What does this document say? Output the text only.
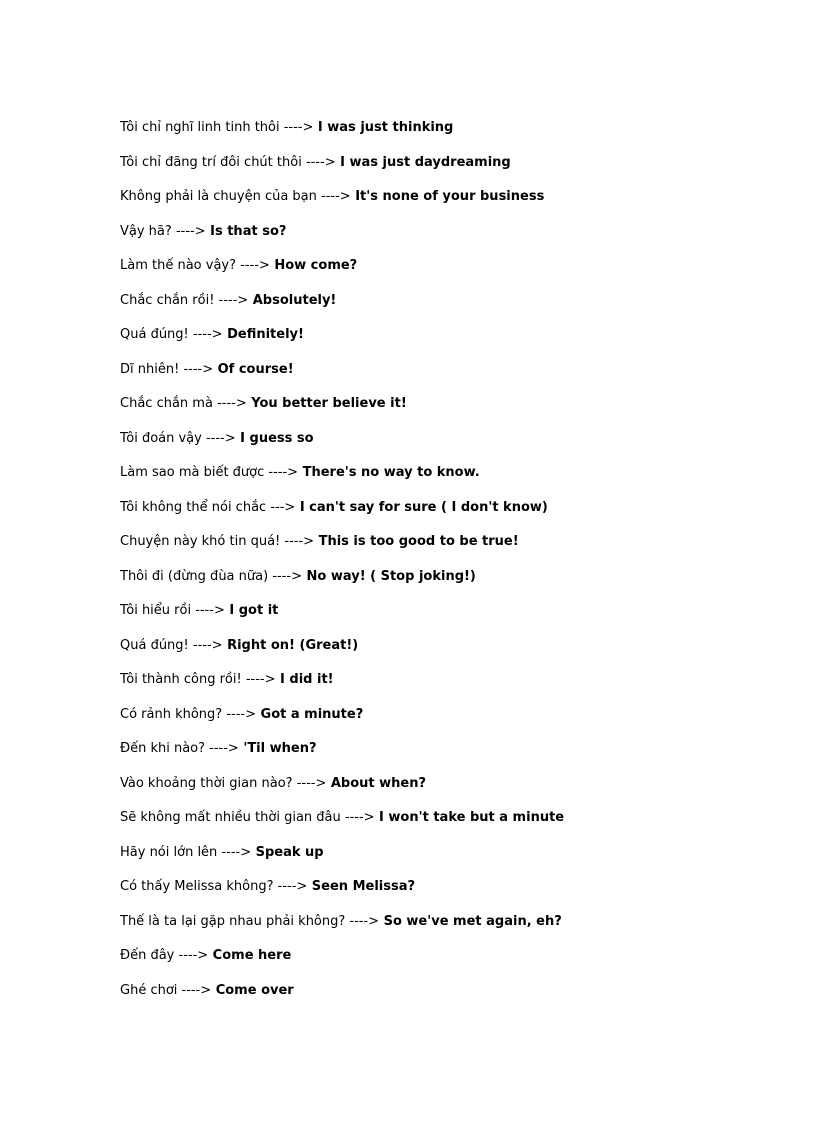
Tôi chỉ nghĩ linh tinh thôi ----> I was just thinking
Tôi chỉ đãng trí đôi chút thôi ----> I was just daydreaming
Không phải là chuyện của bạn ----> It's none of your business
Vậy hã? ----> Is that so?
Làm thế nào vậy? ----> How come?
Chắc chắn rồi! ----> Absolutely!
Quá đúng! ----> Definitely!
Dĩ nhiên! ----> Of course!
Chắc chắn mà ----> You better believe it!
Tôi đoán vậy ----> I guess so
Làm sao mà biết được ----> There's no way to know.
Tôi không thể nói chắc ---> I can't say for sure ( I don't know)
Chuyện này khó tin quá! ----> This is too good to be true!
Thôi đi (đừng đùa nữa) ----> No way! ( Stop joking!)
Tôi hiểu rồi ----> I got it
Quá đúng! ----> Right on! (Great!)
Tôi thành công rồi! ----> I did it!
Có rảnh không? ----> Got a minute?
Đến khi nào? ----> 'Til when?
Vào khoảng thời gian nào? ----> About when?
Sẽ không mất nhiều thời gian đâu ----> I won't take but a minute
Hãy nói lớn lên ----> Speak up
Có thấy Melissa không? ----> Seen Melissa?
Thế là ta lại gặp nhau phải không? ----> So we've met again, eh?
Đến đây ----> Come here
Ghé chơi ----> Come over
